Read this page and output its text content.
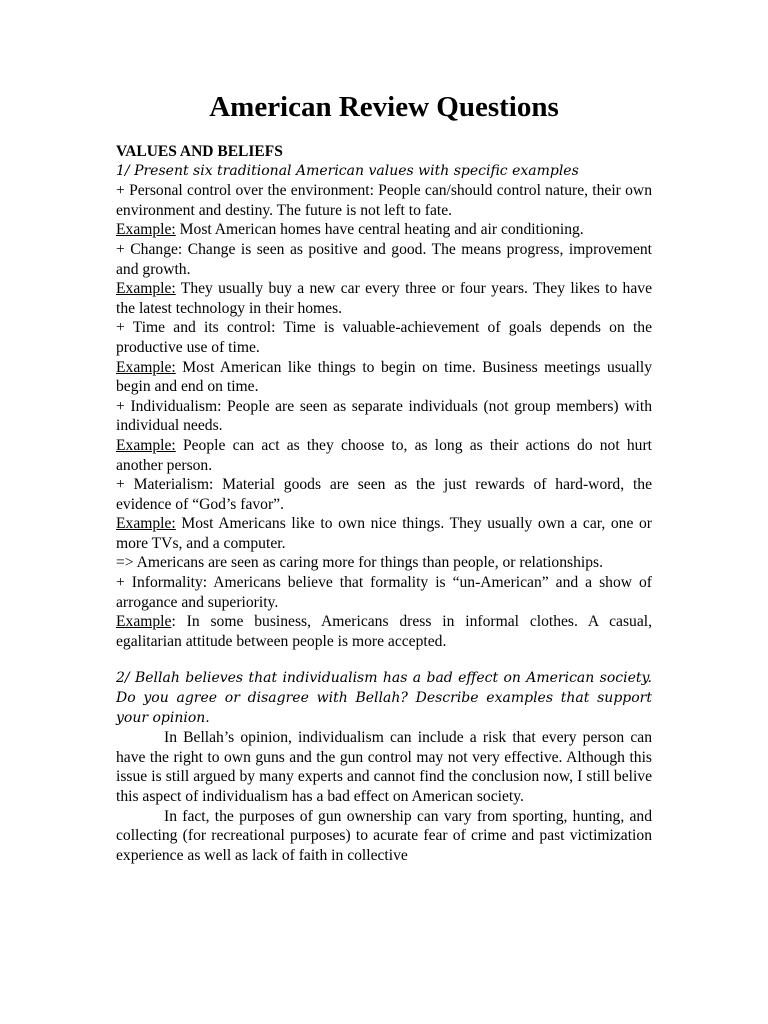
American Review Questions

VALUES AND BELIEFS

1/ Present six traditional American values with specific examples

+ Personal control over the environment: People can/should control nature, their own environment and destiny. The future is not left to fate.

Example: Most American homes have central heating and air conditioning.

+ Change: Change is seen as positive and good. The means progress, improvement and growth.

Example: They usually buy a new car every three or four years. They likes to have the latest technology in their homes.

+ Time and its control: Time is valuable-achievement of goals depends on the productive use of time.

Example: Most American like things to begin on time. Business meetings usually begin and end on time.

+ Individualism: People are seen as separate individuals (not group members) with individual needs.

Example: People can act as they choose to, as long as their actions do not hurt another person.

+ Materialism: Material goods are seen as the just rewards of hard-word, the evidence of “God’s favor”.

Example: Most Americans like to own nice things. They usually own a car, one or more TVs, and a computer.

=> Americans are seen as caring more for things than people, or relationships.

+ Informality: Americans believe that formality is “un-American” and a show of arrogance and superiority.

Example: In some business, Americans dress in informal clothes. A casual, egalitarian attitude between people is more accepted.

2/ Bellah believes that individualism has a bad effect on American society. Do you agree or disagree with Bellah? Describe examples that support your opinion.

In Bellah’s opinion, individualism can include a risk that every person can have the right to own guns and the gun control may not very effective. Although this issue is still argued by many experts and cannot find the conclusion now, I still belive this aspect of individualism has a bad effect on American society.

In fact, the purposes of gun ownership can vary from sporting, hunting, and collecting (for recreational purposes) to acurate fear of crime and past victimization experience as well as lack of faith in collective
